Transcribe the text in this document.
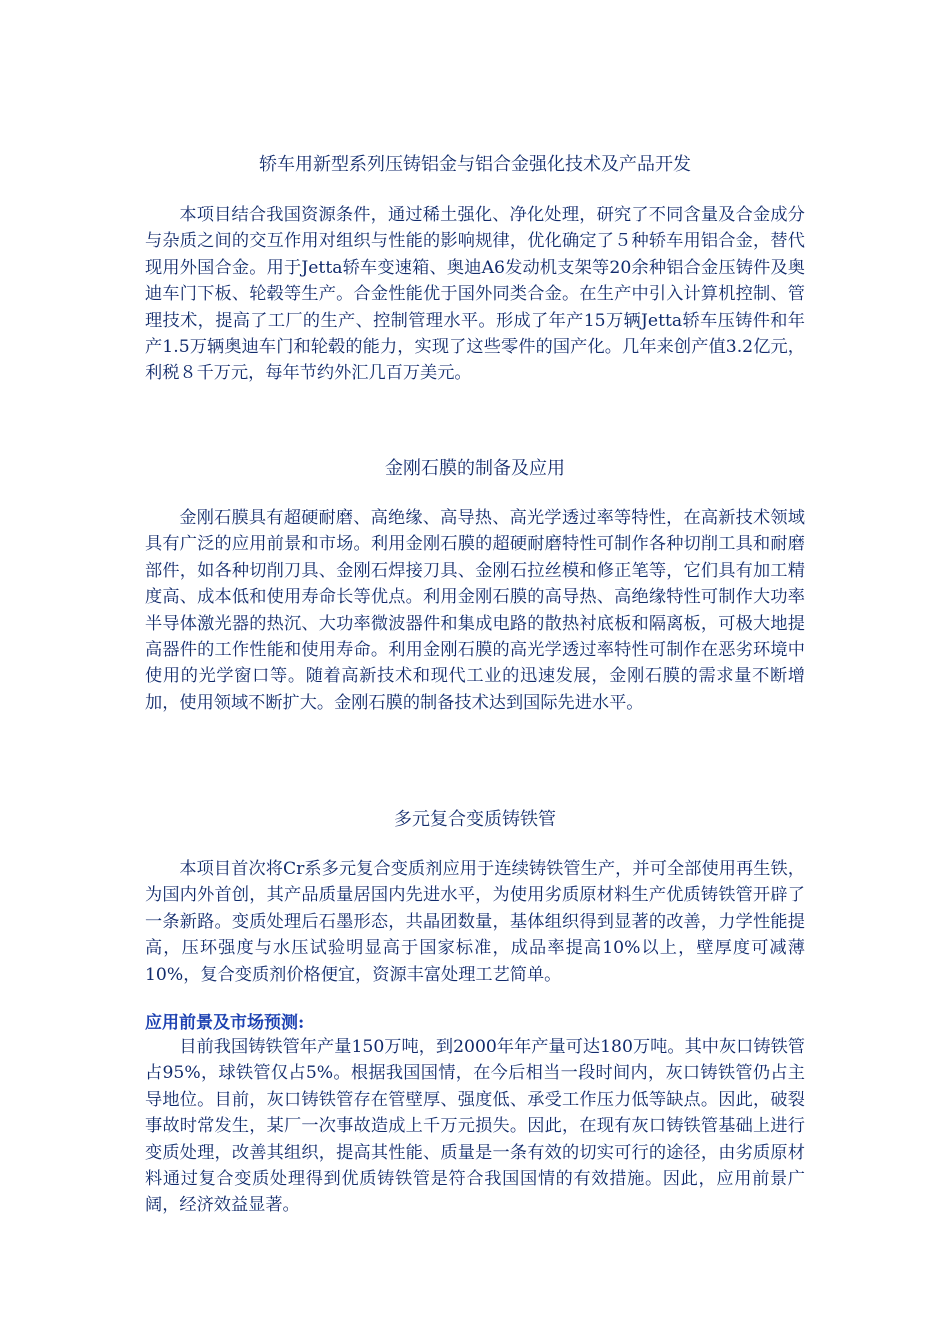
轿车用新型系列压铸铝金与铝合金强化技术及产品开发

本项目结合我国资源条件，通过稀土强化、净化处理，研究了不同含量及合金成分与杂质之间的交互作用对组织与性能的影响规律，优化确定了５种轿车用铝合金，替代现用外国合金。用于Jetta轿车变速箱、奥迪A6发动机支架等20余种铝合金压铸件及奥迪车门下板、轮毂等生产。合金性能优于国外同类合金。在生产中引入计算机控制、管理技术，提高了工厂的生产、控制管理水平。形成了年产15万辆Jetta轿车压铸件和年产1.5万辆奥迪车门和轮毂的能力，实现了这些零件的国产化。几年来创产值3.2亿元，利税８千万元，每年节约外汇几百万美元。

金刚石膜的制备及应用

金刚石膜具有超硬耐磨、高绝缘、高导热、高光学透过率等特性，在高新技术领域具有广泛的应用前景和市场。利用金刚石膜的超硬耐磨特性可制作各种切削工具和耐磨部件，如各种切削刀具、金刚石焊接刀具、金刚石拉丝模和修正笔等，它们具有加工精度高、成本低和使用寿命长等优点。利用金刚石膜的高导热、高绝缘特性可制作大功率半导体激光器的热沉、大功率微波器件和集成电路的散热衬底板和隔离板，可极大地提高器件的工作性能和使用寿命。利用金刚石膜的高光学透过率特性可制作在恶劣环境中使用的光学窗口等。随着高新技术和现代工业的迅速发展，金刚石膜的需求量不断增加，使用领域不断扩大。金刚石膜的制备技术达到国际先进水平。

多元复合变质铸铁管

本项目首次将Cr系多元复合变质剂应用于连续铸铁管生产，并可全部使用再生铁，为国内外首创，其产品质量居国内先进水平，为使用劣质原材料生产优质铸铁管开辟了一条新路。变质处理后石墨形态，共晶团数量，基体组织得到显著的改善，力学性能提高，压环强度与水压试验明显高于国家标准，成品率提高10%以上，壁厚度可减薄10%，复合变质剂价格便宜，资源丰富处理工艺简单。

应用前景及市场预测:

目前我国铸铁管年产量150万吨，到2000年年产量可达180万吨。其中灰口铸铁管占95%，球铁管仅占5%。根据我国国情，在今后相当一段时间内，灰口铸铁管仍占主导地位。目前，灰口铸铁管存在管壁厚、强度低、承受工作压力低等缺点。因此，破裂事故时常发生，某厂一次事故造成上千万元损失。因此，在现有灰口铸铁管基础上进行变质处理，改善其组织，提高其性能、质量是一条有效的切实可行的途径，由劣质原材料通过复合变质处理得到优质铸铁管是符合我国国情的有效措施。因此，应用前景广阔，经济效益显著。
